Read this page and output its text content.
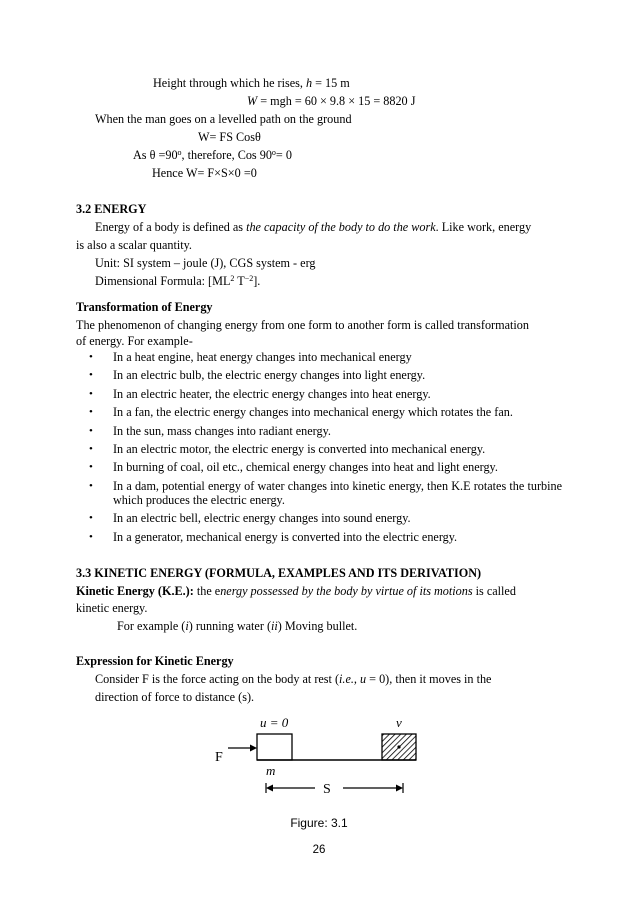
Height through which he rises, h = 15 m
W = mgh = 60 × 9.8 × 15 = 8820 J
When the man goes on a levelled path on the ground
W= FS Cosθ
As $\theta =90^o$, therefore, Cos $90^o= 0$
Hence W= F×S×0 =0
3.2 ENERGY
Energy of a body is defined as the capacity of the body to do the work. Like work, energy
is also a scalar quantity.
Unit: SI system – joule (J), CGS system - erg
Dimensional Formula: [$ML^2$ $T^{-2}$].
Transformation of Energy
The phenomenon of changing energy from one form to another form is called transformation
of energy. For example-
• In a heat engine, heat energy changes into mechanical energy
• In an electric bulb, the electric energy changes into light energy.
• In an electric heater, the electric energy changes into heat energy.
• In a fan, the electric energy changes into mechanical energy which rotates the fan.
• In the sun, mass changes into radiant energy.
• In an electric motor, the electric energy is converted into mechanical energy.
• In burning of coal, oil etc., chemical energy changes into heat and light energy.
• In a dam, potential energy of water changes into kinetic energy, then K.E rotates the turbine which produces the electric energy.
• In an electric bell, electric energy changes into sound energy.
• In a generator, mechanical energy is converted into the electric energy.
3.3 KINETIC ENERGY (FORMULA, EXAMPLES AND ITS DERIVATION)
Kinetic Energy (K.E.): the energy possessed by the body by virtue of its motions is called
kinetic energy.
For example (i) running water (ii) Moving bullet.
Expression for Kinetic Energy
Consider F is the force acting on the body at rest (i.e., u = 0), then it moves in the
direction of force to distance (s).
u = 0	v
F
m
S
Figure: 3.1
26
